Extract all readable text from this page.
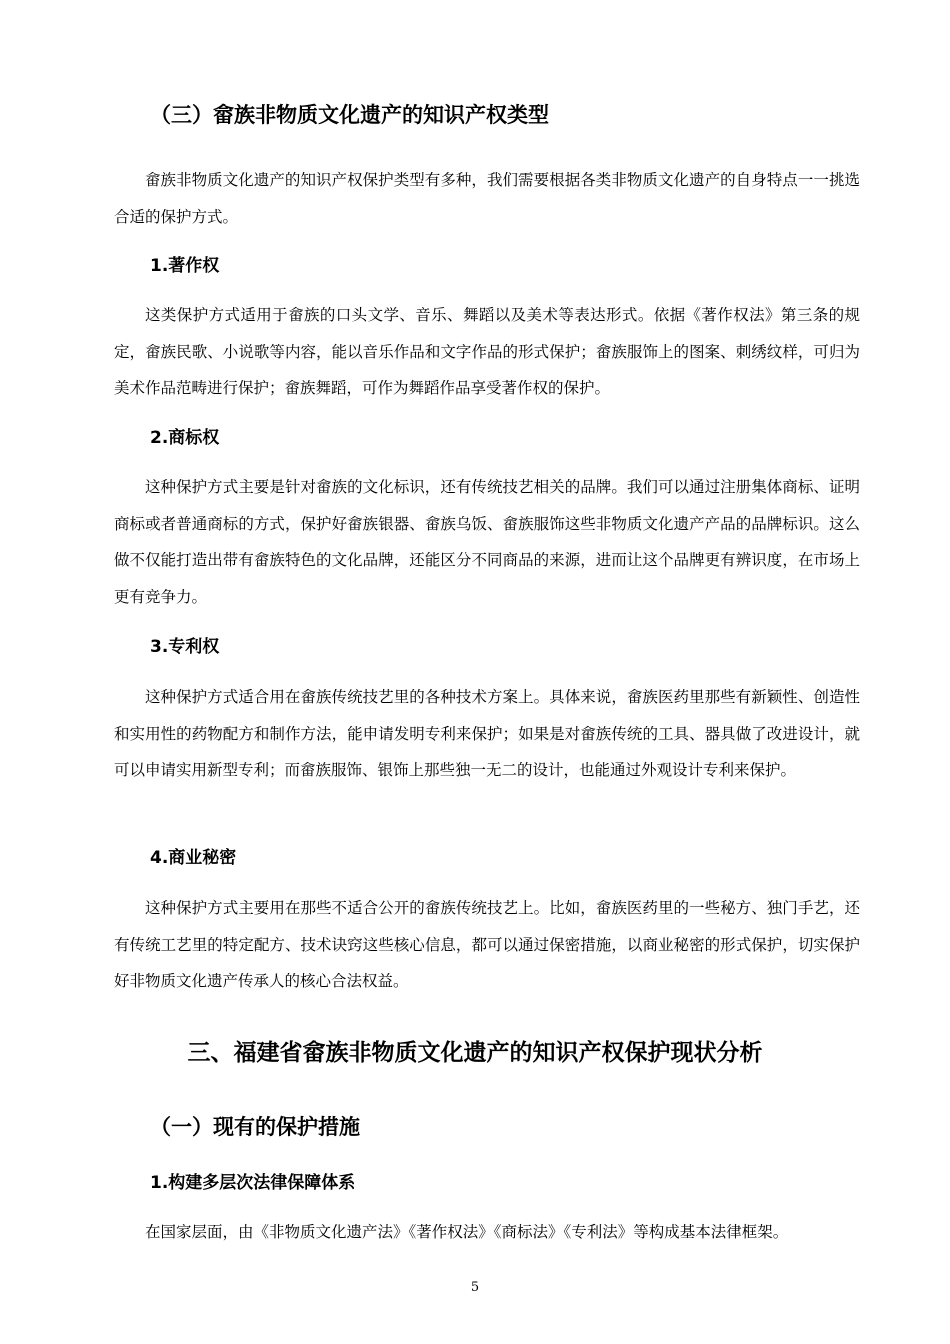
（三）畲族非物质文化遗产的知识产权类型
畲族非物质文化遗产的知识产权保护类型有多种，我们需要根据各类非物质文化遗产的自身特点一一挑选合适的保护方式。
1.著作权
这类保护方式适用于畲族的口头文学、音乐、舞蹈以及美术等表达形式。依据《著作权法》第三条的规定，畲族民歌、小说歌等内容，能以音乐作品和文字作品的形式保护；畲族服饰上的图案、刺绣纹样，可归为美术作品范畴进行保护；畲族舞蹈，可作为舞蹈作品享受著作权的保护。
2.商标权
这种保护方式主要是针对畲族的文化标识，还有传统技艺相关的品牌。我们可以通过注册集体商标、证明商标或者普通商标的方式，保护好畲族银器、畲族乌饭、畲族服饰这些非物质文化遗产产品的品牌标识。这么做不仅能打造出带有畲族特色的文化品牌，还能区分不同商品的来源，进而让这个品牌更有辨识度，在市场上更有竞争力。
3.专利权
这种保护方式适合用在畲族传统技艺里的各种技术方案上。具体来说，畲族医药里那些有新颖性、创造性和实用性的药物配方和制作方法，能申请发明专利来保护；如果是对畲族传统的工具、器具做了改进设计，就可以申请实用新型专利；而畲族服饰、银饰上那些独一无二的设计，也能通过外观设计专利来保护。
4.商业秘密
这种保护方式主要用在那些不适合公开的畲族传统技艺上。比如，畲族医药里的一些秘方、独门手艺，还有传统工艺里的特定配方、技术诀窍这些核心信息，都可以通过保密措施，以商业秘密的形式保护，切实保护好非物质文化遗产传承人的核心合法权益。
三、福建省畲族非物质文化遗产的知识产权保护现状分析
（一）现有的保护措施
1.构建多层次法律保障体系
在国家层面，由《非物质文化遗产法》《著作权法》《商标法》《专利法》等构成基本法律框架。
5
